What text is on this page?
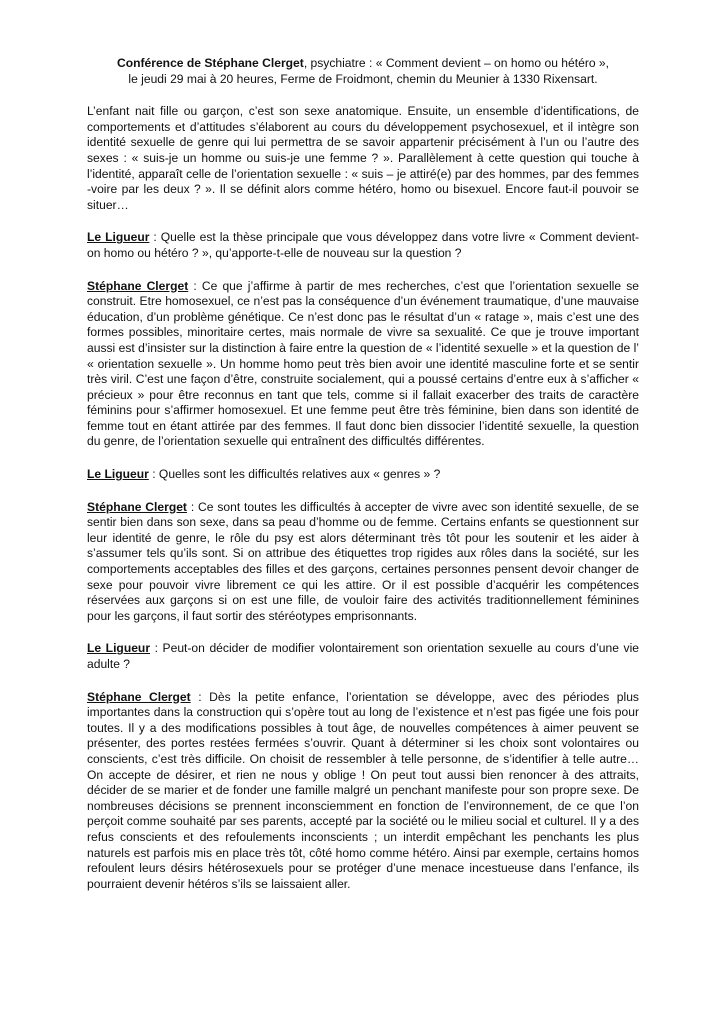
Conférence de Stéphane Clerget, psychiatre : « Comment devient – on homo ou hétéro »,
le jeudi 29 mai à 20 heures, Ferme de Froidmont, chemin du Meunier à 1330 Rixensart.

L’enfant nait fille ou garçon, c’est son sexe anatomique. Ensuite, un ensemble d’identifications, de comportements et d’attitudes s’élaborent au cours du développement psychosexuel, et il intègre son identité sexuelle de genre qui lui permettra de se savoir appartenir précisément à l’un ou l’autre des sexes : « suis-je un homme ou suis-je une femme ? ». Parallèlement à cette question qui touche à l’identité, apparaît celle de l’orientation sexuelle : « suis – je attiré(e) par des hommes, par des femmes -voire par les deux ? ». Il se définit alors comme hétéro, homo ou bisexuel. Encore faut-il pouvoir se situer…

Le Ligueur : Quelle est la thèse principale que vous développez dans votre livre « Comment devient-on homo ou hétéro ? », qu’apporte-t-elle de nouveau sur la question ?

Stéphane Clerget : Ce que j’affirme à partir de mes recherches, c’est que l’orientation sexuelle se construit. Etre homosexuel, ce n’est pas la conséquence d’un événement traumatique, d’une mauvaise éducation, d’un problème génétique. Ce n’est donc pas le résultat d’un « ratage », mais c’est une des formes possibles, minoritaire certes, mais normale de vivre sa sexualité. Ce que je trouve important aussi est d’insister sur la distinction à faire entre la question de « l’identité sexuelle » et la question de l’ « orientation sexuelle ». Un homme homo peut très bien avoir une identité masculine forte et se sentir très viril. C’est une façon d’être, construite socialement, qui a poussé certains d’entre eux à s’afficher « précieux » pour être reconnus en tant que tels, comme si il fallait exacerber des traits de caractère féminins pour s’affirmer homosexuel. Et une femme peut être très féminine, bien dans son identité de femme tout en étant attirée par des femmes. Il faut donc bien dissocier l’identité sexuelle, la question du genre, de l’orientation sexuelle qui entraînent des difficultés différentes.

Le Ligueur : Quelles sont les difficultés relatives aux « genres » ?

Stéphane Clerget : Ce sont toutes les difficultés à accepter de vivre avec son identité sexuelle, de se sentir bien dans son sexe, dans sa peau d’homme ou de femme. Certains enfants se questionnent sur leur identité de genre, le rôle du psy est alors déterminant très tôt pour les soutenir et les aider à s’assumer tels qu’ils sont. Si on attribue des étiquettes trop rigides aux rôles dans la société, sur les comportements acceptables des filles et des garçons, certaines personnes pensent devoir changer de sexe pour pouvoir vivre librement ce qui les attire. Or il est possible d’acquérir les compétences réservées aux garçons si on est une fille, de vouloir faire des activités traditionnellement féminines pour les garçons, il faut sortir des stéréotypes emprisonnants.

Le Ligueur : Peut-on décider de modifier volontairement son orientation sexuelle au cours d’une vie adulte ?

Stéphane Clerget : Dès la petite enfance, l’orientation se développe, avec des périodes plus importantes dans la construction qui s’opère tout au long de l’existence et n’est pas figée une fois pour toutes. Il y a des modifications possibles à tout âge, de nouvelles compétences à aimer peuvent se présenter, des portes restées fermées s’ouvrir. Quant à déterminer si les choix sont volontaires ou conscients, c’est très difficile. On choisit de ressembler à telle personne, de s’identifier à telle autre…On accepte de désirer, et rien ne nous y oblige ! On peut tout aussi bien renoncer à des attraits, décider de se marier et de fonder une famille malgré un penchant manifeste pour son propre sexe. De nombreuses décisions se prennent inconsciemment en fonction de l’environnement, de ce que l’on perçoit comme souhaité par ses parents, accepté par la société ou le milieu social et culturel. Il y a des refus conscients et des refoulements inconscients ; un interdit empêchant les penchants les plus naturels est parfois mis en place très tôt, côté homo comme hétéro. Ainsi par exemple, certains homos refoulent leurs désirs hétérosexuels pour se protéger d’une menace incestueuse dans l’enfance, ils pourraient devenir hétéros s’ils se laissaient aller.
